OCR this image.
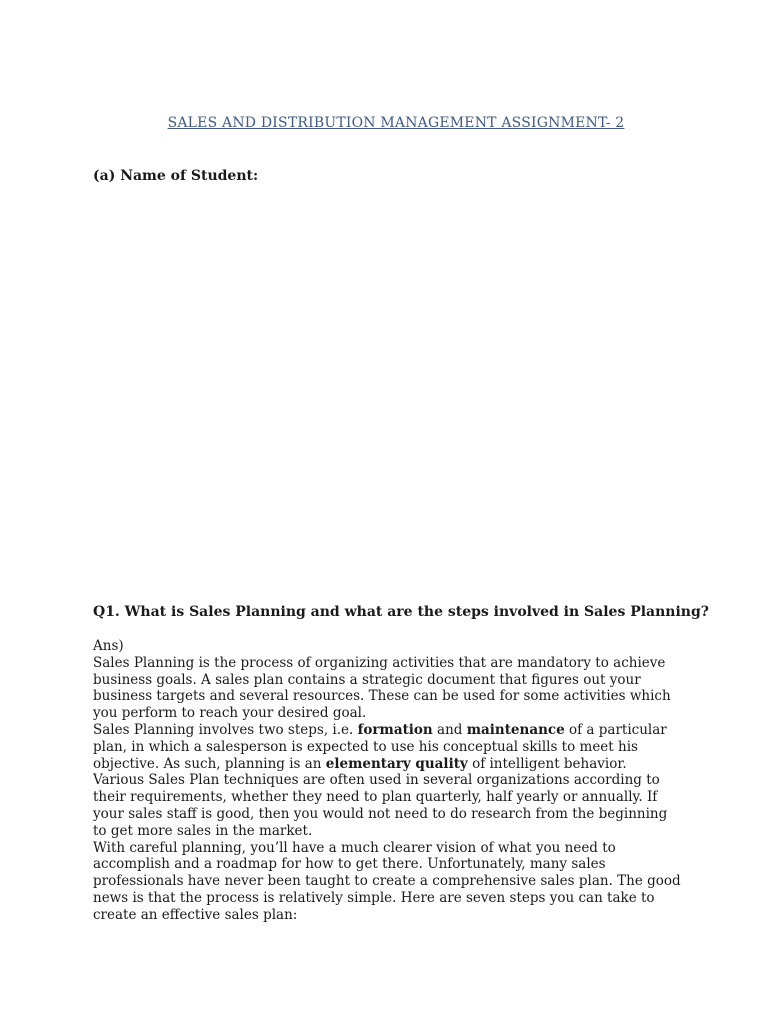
SALES AND DISTRIBUTION MANAGEMENT ASSIGNMENT- 2
(a) Name of Student:
Q1. What is Sales Planning and what are the steps involved in Sales Planning?

Ans)

Sales Planning is the process of organizing activities that are mandatory to achieve business goals. A sales plan contains a strategic document that figures out your business targets and several resources. These can be used for some activities which you perform to reach your desired goal.

Sales Planning involves two steps, i.e. formation and maintenance of a particular plan, in which a salesperson is expected to use his conceptual skills to meet his objective. As such, planning is an elementary quality of intelligent behavior.

Various Sales Plan techniques are often used in several organizations according to their requirements, whether they need to plan quarterly, half yearly or annually. If your sales staff is good, then you would not need to do research from the beginning to get more sales in the market.

With careful planning, you’ll have a much clearer vision of what you need to accomplish and a roadmap for how to get there. Unfortunately, many sales professionals have never been taught to create a comprehensive sales plan. The good news is that the process is relatively simple. Here are seven steps you can take to create an effective sales plan:
